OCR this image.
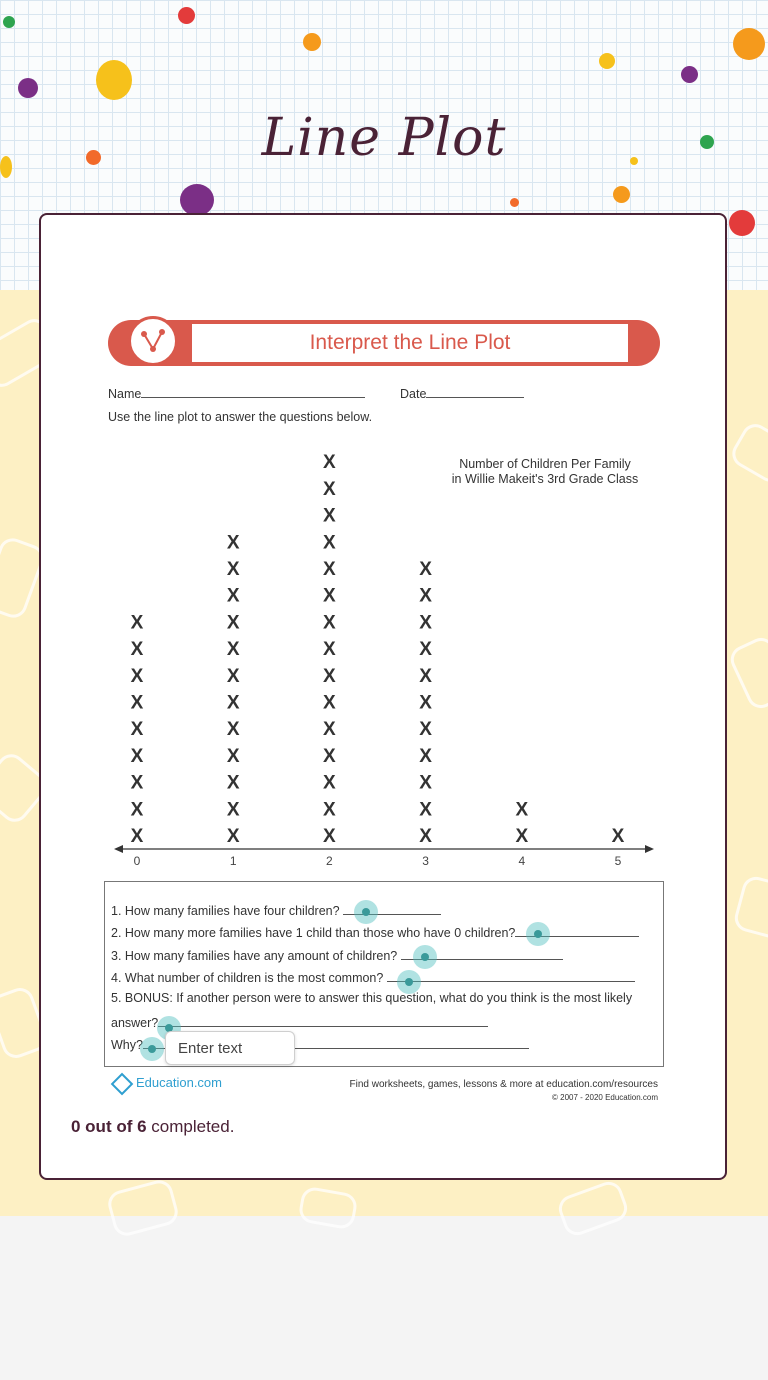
Line Plot
Interpret the Line Plot
Name	Date
Use the line plot to answer the questions below.
Number of Children Per Family
in Willie Makeit's 3rd Grade Class
0	1	2	3	4	5
X
X
X
X
X
X
X
X
X
X
X
X
X
X
X
X
X
X
X
X
X
X
X
X
X
X
X
X
X
X
X
X
X
X
X
X
X
X
X
X
X
X
X
X
X
X
X
X
X
X
1. How many families have four children?
2. How many more families have 1 child than those who have 0 children?
3. How many families have any amount of children?
4. What number of children is the most common?
5. BONUS: If another person were to answer this question, what do you think is the most likely
answer?
Why?
Enter text
Education.com	Find worksheets, games, lessons & more at education.com/resources
© 2007 - 2020 Education.com
0 out of 6 completed.
